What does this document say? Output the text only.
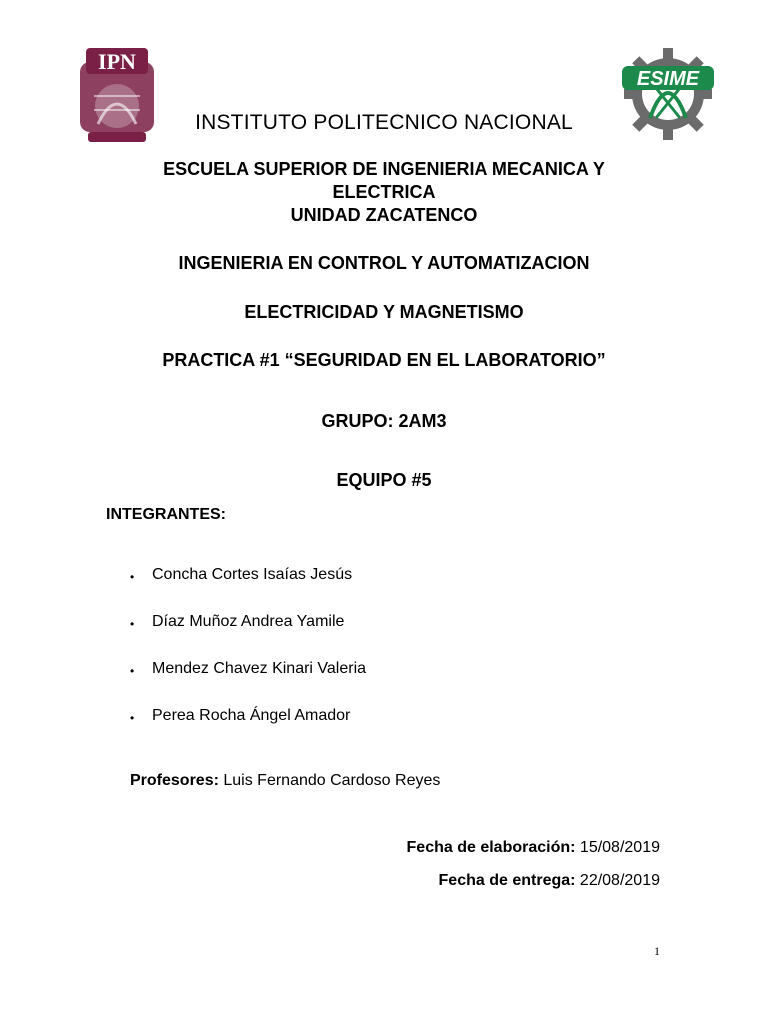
IPN
ESIME
INSTITUTO POLITECNICO NACIONAL
ESCUELA SUPERIOR DE INGENIERIA MECANICA Y
ELECTRICA
UNIDAD ZACATENCO
INGENIERIA EN CONTROL Y AUTOMATIZACION
ELECTRICIDAD Y MAGNETISMO
PRACTICA #1 “SEGURIDAD EN EL LABORATORIO”
GRUPO: 2AM3
EQUIPO #5
INTEGRANTES:
• Concha Cortes Isaías Jesús
• Díaz Muñoz Andrea Yamile
• Mendez Chavez Kinari Valeria
• Perea Rocha Ángel Amador
Profesores: Luis Fernando Cardoso Reyes
Fecha de elaboración: 15/08/2019
Fecha de entrega: 22/08/2019
1
